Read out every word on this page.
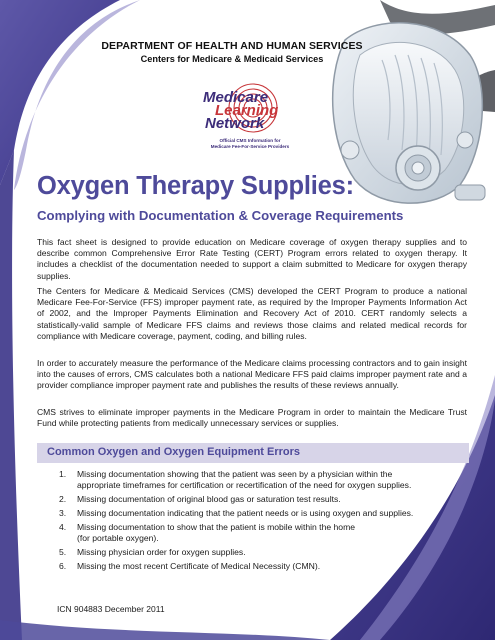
DEPARTMENT OF HEALTH AND HUMAN SERVICES
Centers for Medicare & Medicaid Services
Medicare
Learning
Network
Official CMS Information for
Medicare Fee-For-Service Providers
Oxygen Therapy Supplies:
Complying with Documentation & Coverage Requirements
This fact sheet is designed to provide education on Medicare coverage of oxygen therapy supplies and to describe common Comprehensive Error Rate Testing (CERT) Program errors related to oxygen therapy. It includes a checklist of the documentation needed to support a claim submitted to Medicare for oxygen therapy supplies.
The Centers for Medicare & Medicaid Services (CMS) developed the CERT Program to produce a national Medicare Fee-For-Service (FFS) improper payment rate, as required by the Improper Payments Information Act of 2002, and the Improper Payments Elimination and Recovery Act of 2010. CERT randomly selects a statistically-valid sample of Medicare FFS claims and reviews those claims and related medical records for compliance with Medicare coverage, payment, coding, and billing rules.
In order to accurately measure the performance of the Medicare claims processing contractors and to gain insight into the causes of errors, CMS calculates both a national Medicare FFS paid claims improper payment rate and a provider compliance improper payment rate and publishes the results of these reviews annually.
CMS strives to eliminate improper payments in the Medicare Program in order to maintain the Medicare Trust Fund while protecting patients from medically unnecessary services or supplies.
Common Oxygen and Oxygen Equipment Errors
1. Missing documentation showing that the patient was seen by a physician within the
appropriate timeframes for certification or recertification of the need for oxygen supplies.
2. Missing documentation of original blood gas or saturation test results.
3. Missing documentation indicating that the patient needs or is using oxygen and supplies.
4. Missing documentation to show that the patient is mobile within the home
(for portable oxygen).
5. Missing physician order for oxygen supplies.
6. Missing the most recent Certificate of Medical Necessity (CMN).
ICN 904883 December 2011
